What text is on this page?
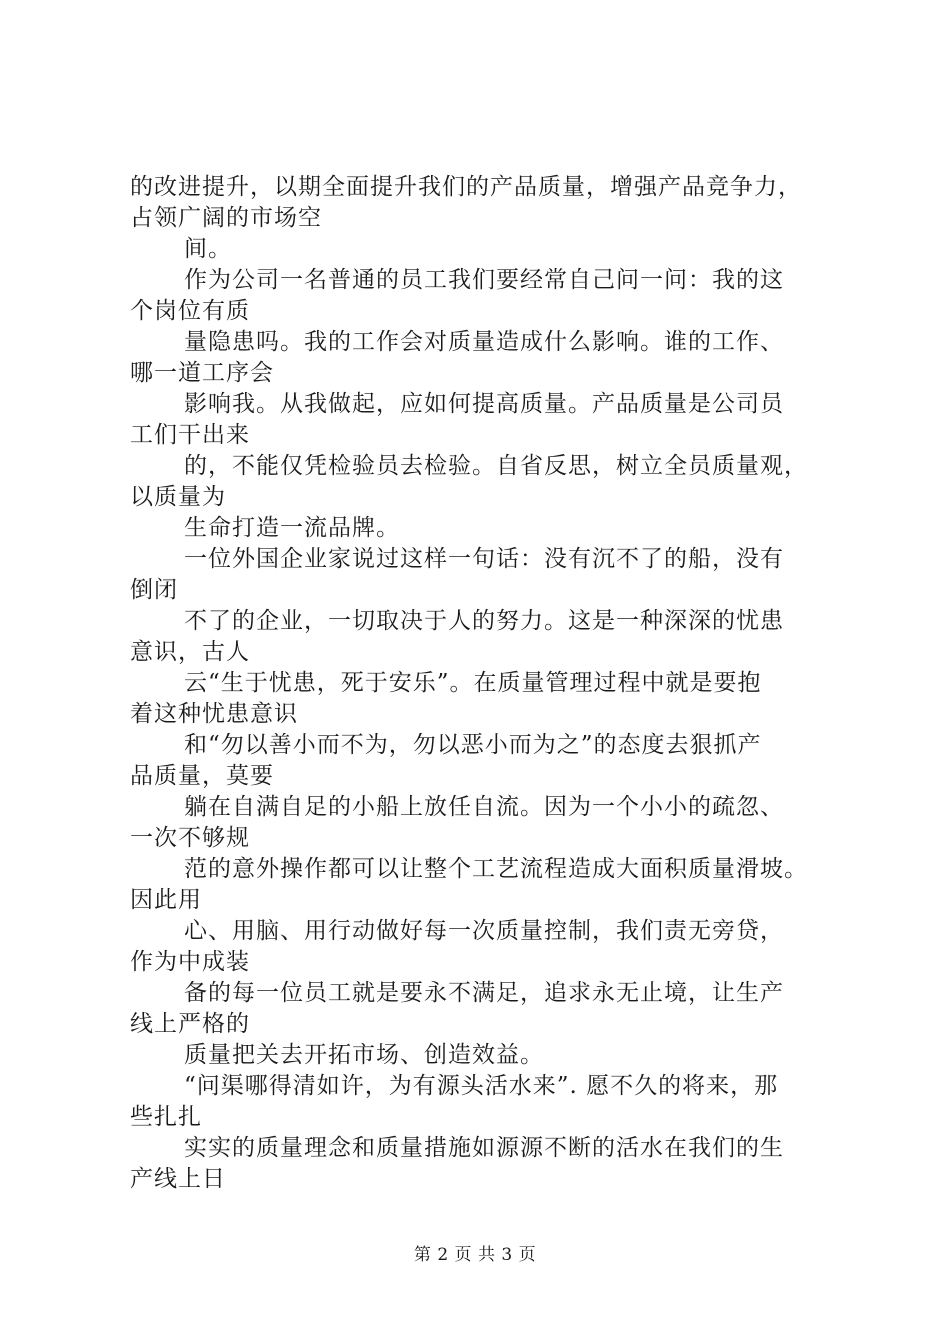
的改进提升，以期全面提升我们的产品质量，增强产品竞争力，
占领广阔的市场空
间。
作为公司一名普通的员工我们要经常自己问一问：我的这
个岗位有质
量隐患吗。我的工作会对质量造成什么影响。谁的工作、
哪一道工序会
影响我。从我做起，应如何提高质量。产品质量是公司员
工们干出来
的，不能仅凭检验员去检验。自省反思，树立全员质量观，
以质量为
生命打造一流品牌。
一位外国企业家说过这样一句话：没有沉不了的船，没有
倒闭
不了的企业，一切取决于人的努力。这是一种深深的忧患
意识，古人
云“生于忧患，死于安乐”。在质量管理过程中就是要抱
着这种忧患意识
和“勿以善小而不为，勿以恶小而为之”的态度去狠抓产
品质量，莫要
躺在自满自足的小船上放任自流。因为一个小小的疏忽、
一次不够规
范的意外操作都可以让整个工艺流程造成大面积质量滑坡。
因此用
心、用脑、用行动做好每一次质量控制，我们责无旁贷，
作为中成装
备的每一位员工就是要永不满足，追求永无止境，让生产
线上严格的
质量把关去开拓市场、创造效益。
“问渠哪得清如许，为有源头活水来”. 愿不久的将来，那
些扎扎
实实的质量理念和质量措施如源源不断的活水在我们的生
产线上日
第 2 页 共 3 页
